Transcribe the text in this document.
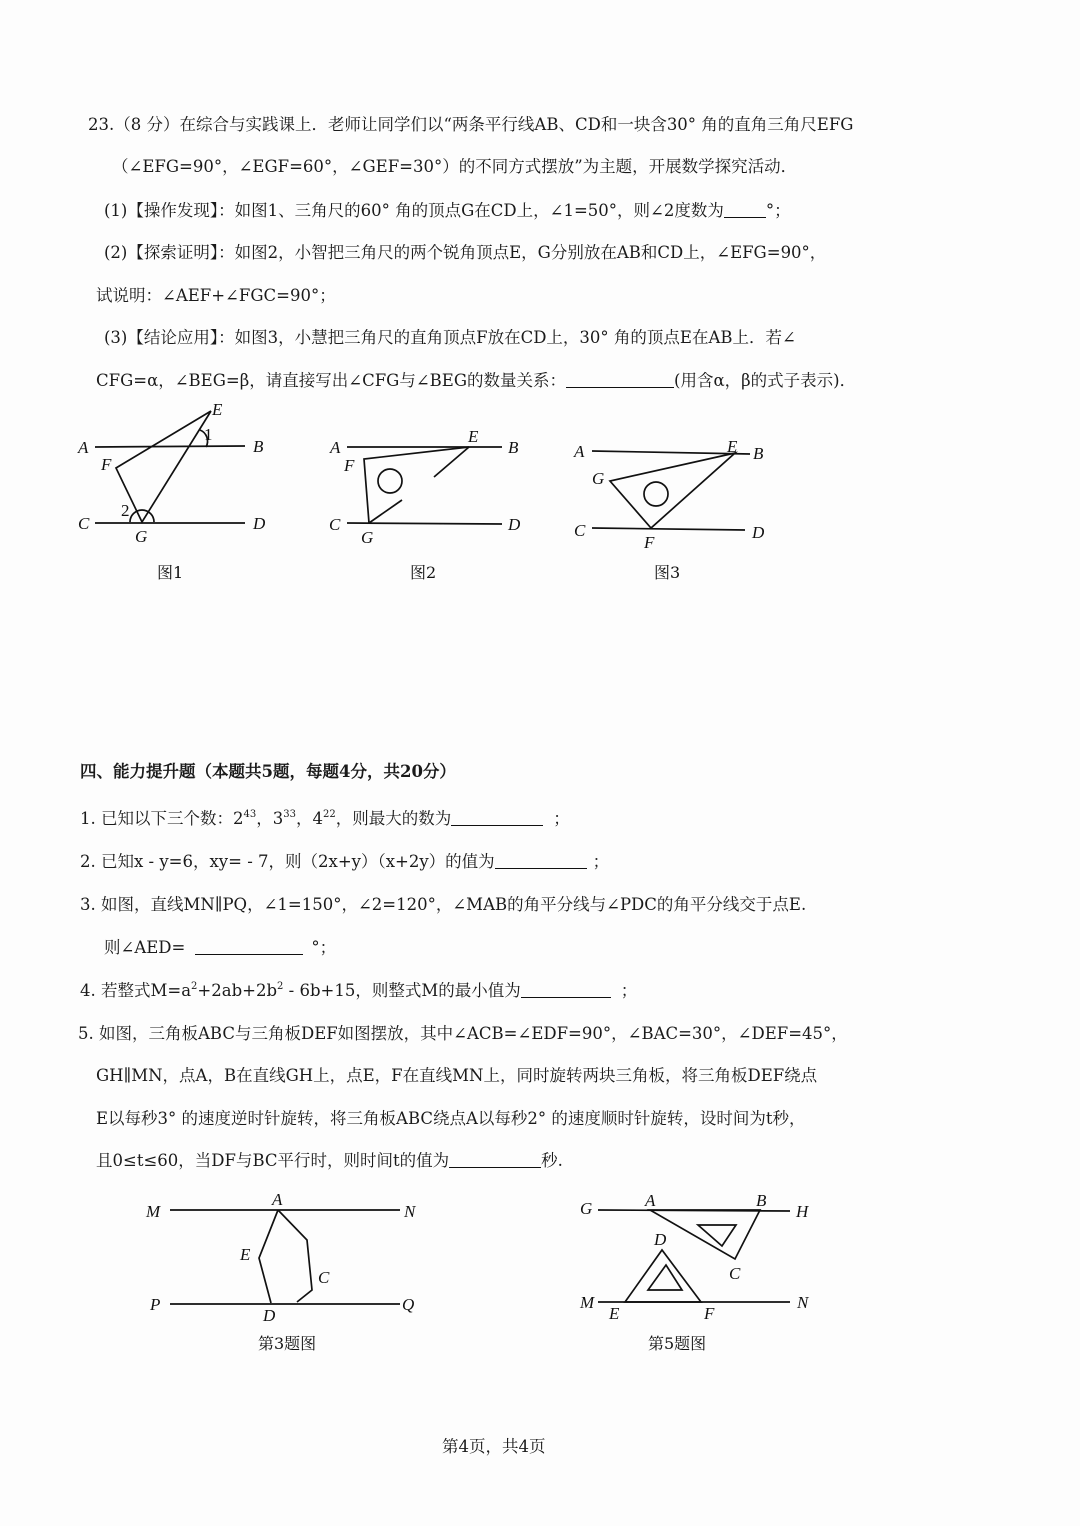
23.（8 分）在综合与实践课上．老师让同学们以“两条平行线AB、CD和一块含30° 角的直角三角尺EFG
（∠EFG=90°，∠EGF=60°，∠GEF=30°）的不同方式摆放”为主题，开展数学探究活动．
(1)【操作发现】：如图1、三角尺的60° 角的顶点G在CD上，∠1=50°，则∠2度数为	°；
(2)【探索证明】：如图2，小智把三角尺的两个锐角顶点E，G分别放在AB和CD上，∠EFG=90°，
试说明：∠AEF+∠FGC=90°；
(3)【结论应用】：如图3，小慧把三角尺的直角顶点F放在CD上，30° 角的顶点E在AB上．若∠
CFG=α，∠BEG=β，请直接写出∠CFG与∠BEG的数量关系：	(用含α，β的式子表示)．
四、能力提升题（本题共5题，每题4分，共20分）
1. 已知以下三个数：$2^{43}$，$3^{33}$，$4^{22}$，则最大的数为	；
2. 已知x - y=6，xy= - 7，则（2x+y）（x+2y）的值为	；
3. 如图，直线MN∥PQ，∠1=150°，∠2=120°，∠MAB的角平分线与∠PDC的角平分线交于点E.
则∠AED=	°；
4. 若整式$M=a^2+2ab+2b^2 - 6b+15$，则整式M的最小值为	；
5. 如图，三角板ABC与三角板DEF如图摆放，其中∠ACB=∠EDF=90°，∠BAC=30°，∠DEF=45°，
GH∥MN，点A，B在直线GH上，点E，F在直线MN上，同时旋转两块三角板，将三角板DEF绕点
E以每秒3° 的速度逆时针旋转，将三角板ABC绕点A以每秒2° 的速度顺时针旋转，设时间为t秒，
且0≤t≤60，当DF与BC平行时，则时间t的值为	秒.
第4页，共4页
A	B
C	D
E
F
G
1
2
图1
A	B
C	D
E
F
G
图2
A	B
C	D
E
F
G
图3
M	N
P	Q
A
C
D
E
第3题图
G	H
M	N
A	B
C
D
E	F
第5题图
